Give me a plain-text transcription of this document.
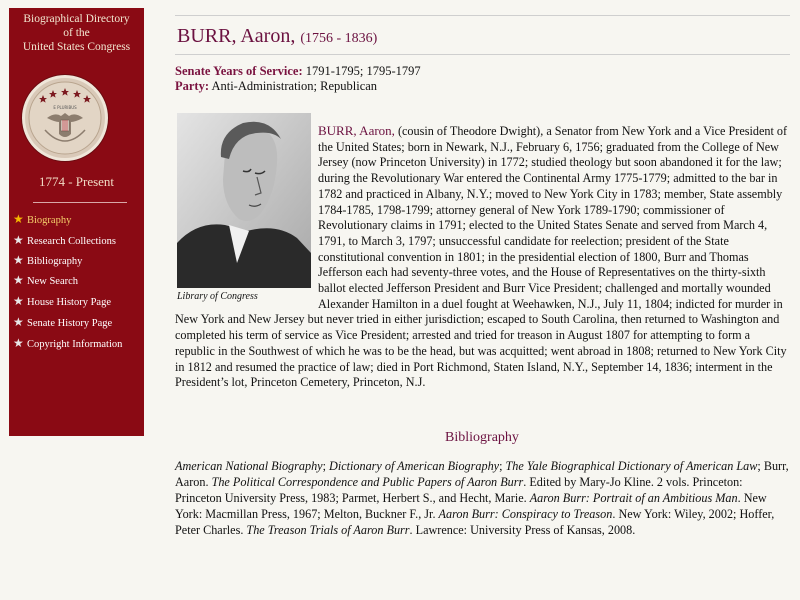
Biographical Directory
of the
United States Congress
E PLURIBUS
1774 - Present
★ Biography
★ Research Collections
★ Bibliography
★ New Search
★ House History Page
★ Senate History Page
★ Copyright Information
BURR, Aaron, (1756 - 1836)
Senate Years of Service: 1791-1795; 1795-1797
Party: Anti-Administration; Republican
BURR, Aaron, (cousin of Theodore Dwight), a Senator from New York and a Vice President of the United States; born in Newark, N.J., February 6, 1756; graduated from the College of New Jersey (now Princeton University) in 1772; studied theology but soon abandoned it for the law; during the Revolutionary War entered the Continental Army 1775-1779; admitted to the bar in 1782 and practiced in Albany, N.Y.; moved to New York City in 1783; member, State assembly 1784-1785, 1798-1799; attorney general of New York 1789-1790; commissioner of Revolutionary claims in 1791; elected to the United States Senate and served from March 4, 1791, to March 3, 1797; unsuccessful candidate for reelection; president of the State constitutional convention in 1801; in the presidential election of 1800, Burr and Thomas Jefferson each had seventy-three votes, and the House of Representatives on the thirty-sixth ballot elected Jefferson President and Burr Vice President; challenged and mortally wounded Alexander Hamilton in a duel fought at Weehawken, N.J., July 11, 1804; indicted for murder in New York and New Jersey but never tried in either jurisdiction; escaped to South Carolina, then returned to Washington and completed his term of service as Vice President; arrested and tried for treason in August 1807 for attempting to form a republic in the Southwest of which he was to be the head, but was acquitted; went abroad in 1808; returned to New York City in 1812 and resumed the practice of law; died in Port Richmond, Staten Island, N.Y., September 14, 1836; interment in the President’s lot, Princeton Cemetery, Princeton, N.J.
Library of Congress
Bibliography
American National Biography; Dictionary of American Biography; The Yale Biographical Dictionary of American Law; Burr, Aaron. The Political Correspondence and Public Papers of Aaron Burr. Edited by Mary-Jo Kline. 2 vols. Princeton: Princeton University Press, 1983; Parmet, Herbert S., and Hecht, Marie. Aaron Burr: Portrait of an Ambitious Man. New York: Macmillan Press, 1967; Melton, Buckner F., Jr. Aaron Burr: Conspiracy to Treason. New York: Wiley, 2002; Hoffer, Peter Charles. The Treason Trials of Aaron Burr. Lawrence: University Press of Kansas, 2008.
